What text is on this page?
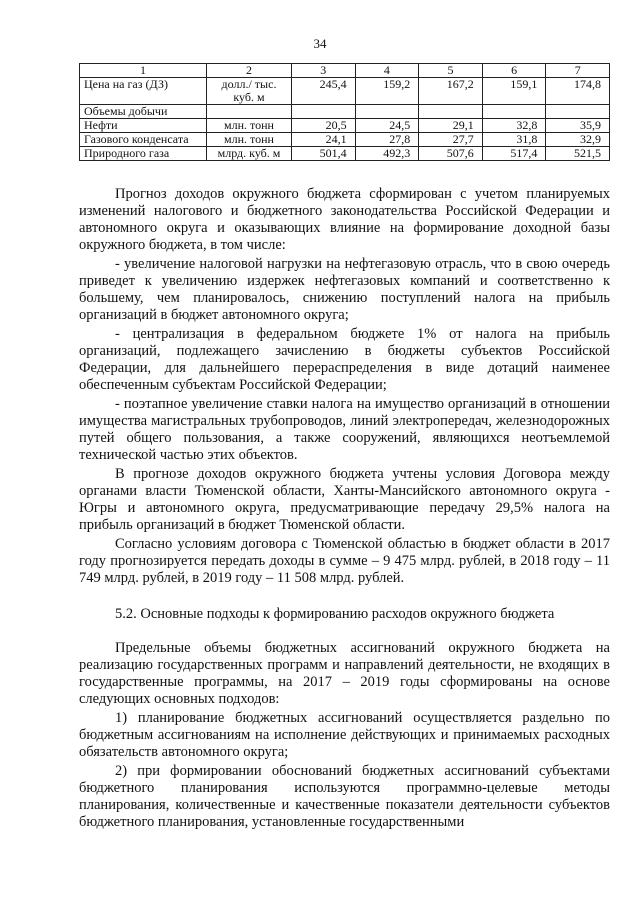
34
1	2	3	4	5	6	7
Цена на газ (ДЗ)	долл./ тыс. куб. м	245,4	159,2	167,2	159,1	174,8
Объемы добычи						
Нефти	млн. тонн	20,5	24,5	29,1	32,8	35,9
Газового конденсата	млн. тонн	24,1	27,8	27,7	31,8	32,9
Природного газа	млрд. куб. м	501,4	492,3	507,6	517,4	521,5

Прогноз доходов окружного бюджета сформирован с учетом планируемых изменений налогового и бюджетного законодательства Российской Федерации и автономного округа и оказывающих влияние на формирование доходной базы окружного бюджета, в том числе:

- увеличение налоговой нагрузки на нефтегазовую отрасль, что в свою очередь приведет к увеличению издержек нефтегазовых компаний и соответственно к большему, чем планировалось, снижению поступлений налога на прибыль организаций в бюджет автономного округа;

- централизация в федеральном бюджете 1% от налога на прибыль организаций, подлежащего зачислению в бюджеты субъектов Российской Федерации, для дальнейшего перераспределения в виде дотаций наименее обеспеченным субъектам Российской Федерации;

- поэтапное увеличение ставки налога на имущество организаций в отношении имущества магистральных трубопроводов, линий электропередач, железнодорожных путей общего пользования, а также сооружений, являющихся неотъемлемой технической частью этих объектов.

В прогнозе доходов окружного бюджета учтены условия Договора между органами власти Тюменской области, Ханты-Мансийского автономного округа - Югры и автономного округа, предусматривающие передачу 29,5% налога на прибыль организаций в бюджет Тюменской области.

Согласно условиям договора с Тюменской областью в бюджет области в 2017 году прогнозируется передать доходы в сумме – 9 475 млрд. рублей, в 2018 году – 11 749 млрд. рублей, в 2019 году – 11 508 млрд. рублей.

5.2. Основные подходы к формированию расходов окружного бюджета

Предельные объемы бюджетных ассигнований окружного бюджета на реализацию государственных программ и направлений деятельности, не входящих в государственные программы, на 2017 – 2019 годы сформированы на основе следующих основных подходов:

1) планирование бюджетных ассигнований осуществляется раздельно по бюджетным ассигнованиям на исполнение действующих и принимаемых расходных обязательств автономного округа;

2) при формировании обоснований бюджетных ассигнований субъектами бюджетного планирования используются программно-целевые методы планирования, количественные и качественные показатели деятельности субъектов бюджетного планирования, установленные государственными
